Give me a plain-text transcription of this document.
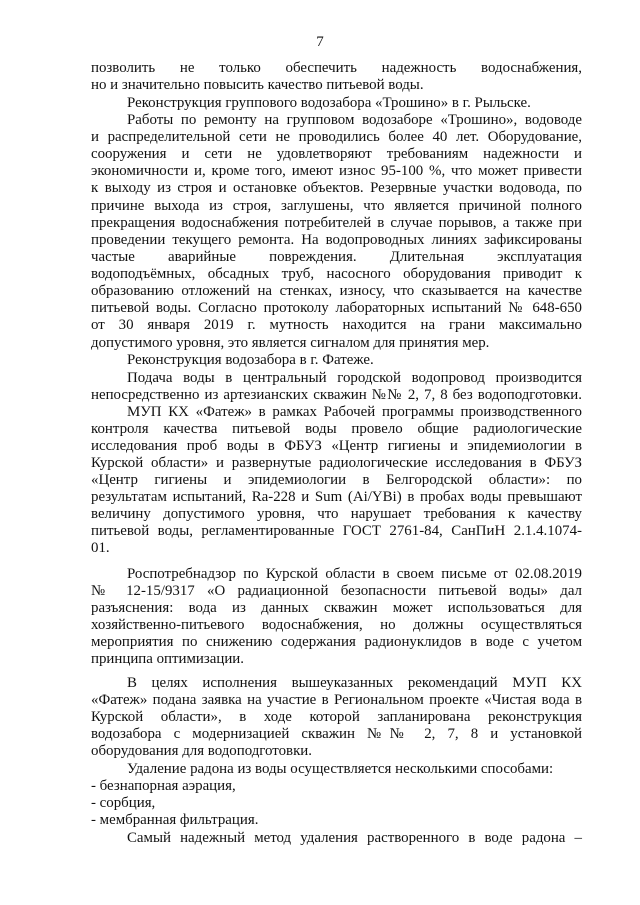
7
позволить не только обеспечить надежность водоснабжения,
но и значительно повысить качество питьевой воды.
Реконструкция группового водозабора «Трошино» в г. Рыльске.
Работы по ремонту на групповом водозаборе «Трошино», водоводе
и распределительной сети не проводились более 40 лет. Оборудование,
сооружения и сети не удовлетворяют требованиям надежности и
экономичности и, кроме того, имеют износ 95-100 %, что может привести
к выходу из строя и остановке объектов. Резервные участки водовода, по
причине выхода из строя, заглушены, что является причиной полного
прекращения водоснабжения потребителей в случае порывов, а также при
проведении текущего ремонта. На водопроводных линиях зафиксированы
частые аварийные повреждения. Длительная эксплуатация
водоподъёмных, обсадных труб, насосного оборудования приводит к
образованию отложений на стенках, износу, что сказывается на качестве
питьевой воды. Согласно протоколу лабораторных испытаний № 648-650
от 30 января 2019 г. мутность находится на грани максимально
допустимого уровня, это является сигналом для принятия мер.
Реконструкция водозабора в г. Фатеже.
Подача воды в центральный городской водопровод производится
непосредственно из артезианских скважин №№ 2, 7, 8 без водоподготовки.
МУП КХ «Фатеж» в рамках Рабочей программы производственного
контроля качества питьевой воды провело общие радиологические
исследования проб воды в ФБУЗ «Центр гигиены и эпидемиологии в
Курской области» и развернутые радиологические исследования в ФБУЗ
«Центр гигиены и эпидемиологии в Белгородской области»: по
результатам испытаний, Ra-228 и Sum (Ai/YBi) в пробах воды превышают
величину допустимого уровня, что нарушает требования к качеству
питьевой воды, регламентированные ГОСТ 2761-84, СанПиН 2.1.4.1074-
01.
Роспотребнадзор по Курской области в своем письме от 02.08.2019
№ 12-15/9317 «О радиационной безопасности питьевой воды» дал
разъяснения: вода из данных скважин может использоваться для
хозяйственно-питьевого водоснабжения, но должны осуществляться
мероприятия по снижению содержания радионуклидов в воде с учетом
принципа оптимизации.
В целях исполнения вышеуказанных рекомендаций МУП КХ
«Фатеж» подана заявка на участие в Региональном проекте «Чистая вода в
Курской области», в ходе которой запланирована реконструкция
водозабора с модернизацией скважин №№ 2, 7, 8 и установкой
оборудования для водоподготовки.
Удаление радона из воды осуществляется несколькими способами:
- безнапорная аэрация,
- сорбция,
- мембранная фильтрация.
Самый надежный метод удаления растворенного в воде радона –
